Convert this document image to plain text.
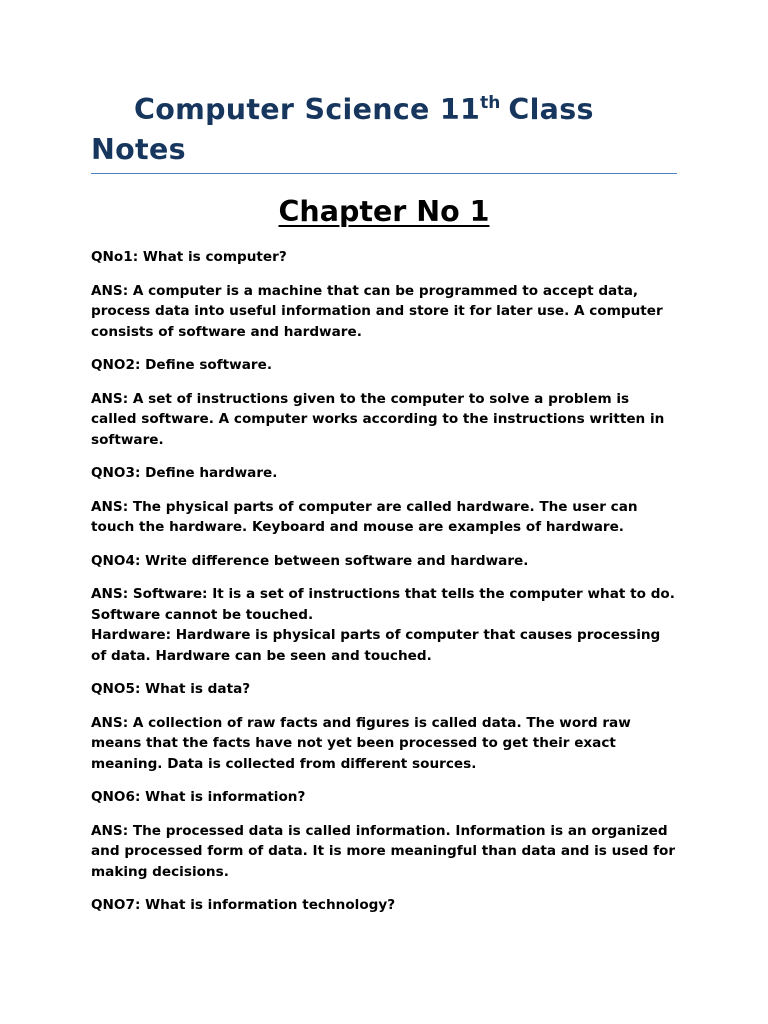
Computer Science 11th Class Notes
Chapter No 1

QNo1: What is computer?

ANS: A computer is a machine that can be programmed to accept data, process data into useful information and store it for later use. A computer consists of software and hardware.

QNO2: Define software.

ANS: A set of instructions given to the computer to solve a problem is called software. A computer works according to the instructions written in software.

QNO3: Define hardware.

ANS: The physical parts of computer are called hardware. The user can touch the hardware. Keyboard and mouse are examples of hardware.

QNO4: Write difference between software and hardware.

ANS: Software: It is a set of instructions that tells the computer what to do. Software cannot be touched.

Hardware: Hardware is physical parts of computer that causes processing of data. Hardware can be seen and touched.

QNO5: What is data?

ANS: A collection of raw facts and figures is called data. The word raw means that the facts have not yet been processed to get their exact meaning. Data is collected from different sources.

QNO6: What is information?

ANS: The processed data is called information. Information is an organized and processed form of data. It is more meaningful than data and is used for making decisions.

QNO7: What is information technology?
